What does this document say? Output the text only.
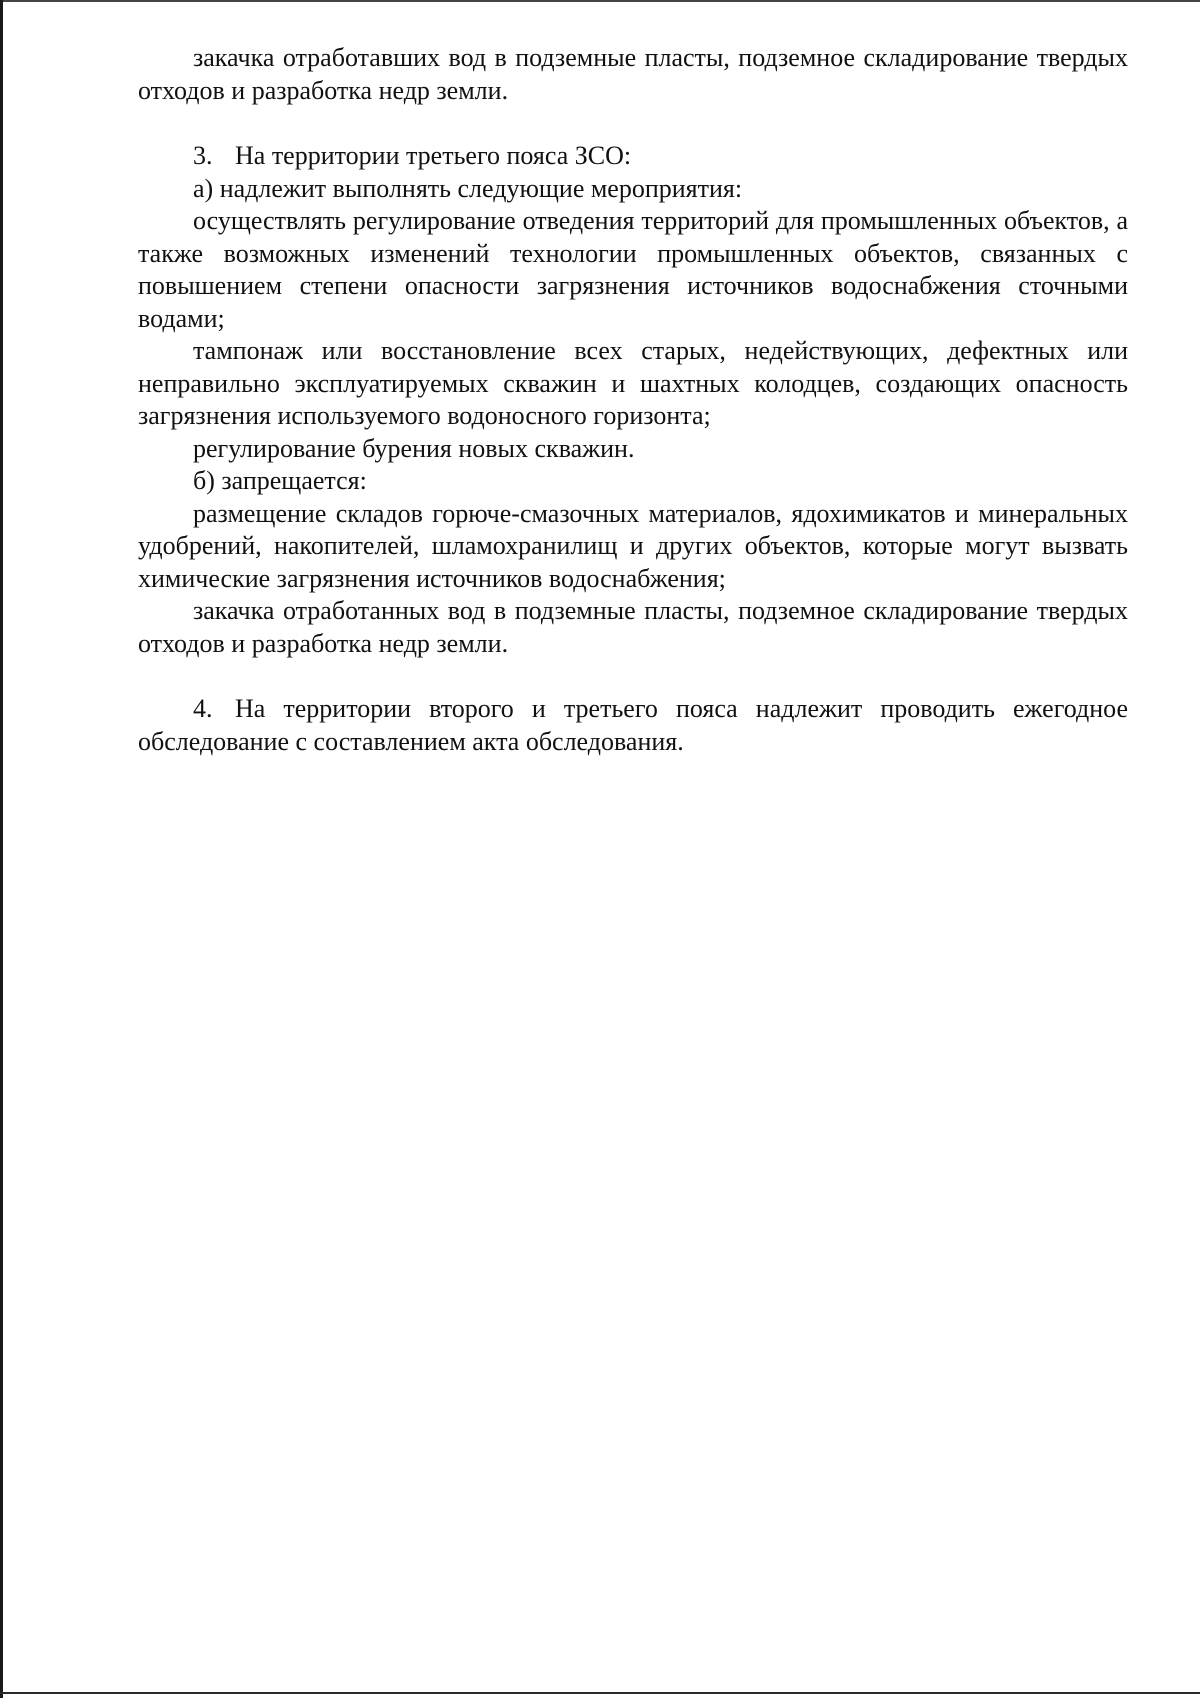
закачка отработавших вод в подземные пласты, подземное складирование твердых отходов и разработка недр земли.

3. На территории третьего пояса ЗСО:

а) надлежит выполнять следующие мероприятия:

осуществлять регулирование отведения территорий для промышленных объектов, а также возможных изменений технологии промышленных объектов, связанных с повышением степени опасности загрязнения источников водоснабжения сточными водами;

тампонаж или восстановление всех старых, недействующих, дефектных или неправильно эксплуатируемых скважин и шахтных колодцев, создающих опасность загрязнения используемого водоносного горизонта;

регулирование бурения новых скважин.

б) запрещается:

размещение складов горюче-смазочных материалов, ядохимикатов и минеральных удобрений, накопителей, шламохранилищ и других объектов, которые могут вызвать химические загрязнения источников водоснабжения;

закачка отработанных вод в подземные пласты, подземное складирование твердых отходов и разработка недр земли.

4. На территории второго и третьего пояса надлежит проводить ежегодное обследование с составлением акта обследования.
